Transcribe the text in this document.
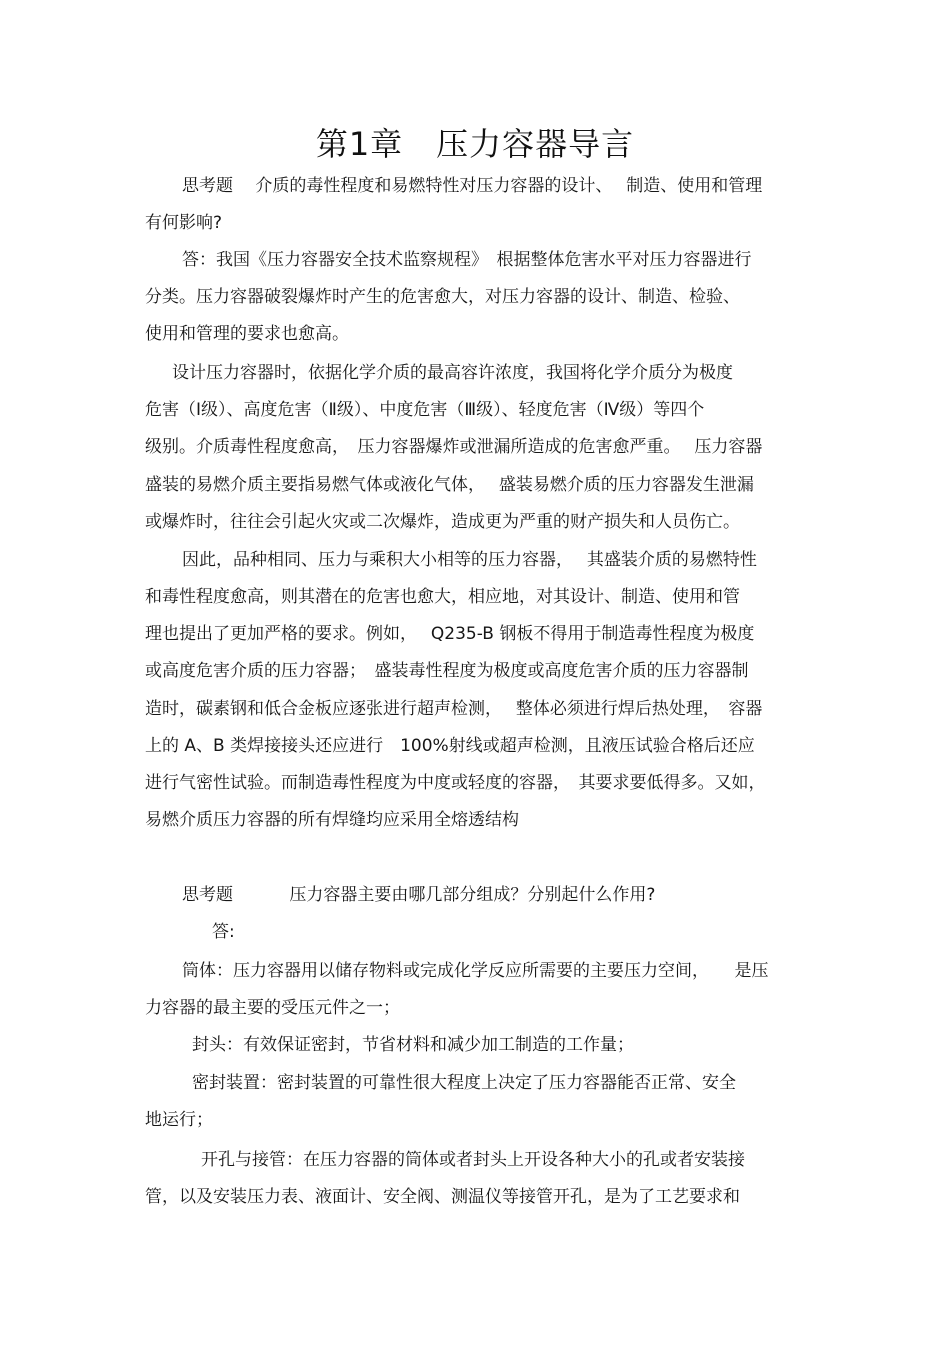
第1章　压力容器导言
思考题　 介质的毒性程度和易燃特性对压力容器的设计、　 制造、使用和管理
有何影响?
答：我国《压力容器安全技术监察规程》　根据整体危害水平对压力容器进行
分类。压力容器破裂爆炸时产生的危害愈大，对压力容器的设计、制造、检验、
使用和管理的要求也愈高。
设计压力容器时，依据化学介质的最高容许浓度，我国将化学介质分为极度
危害（Ⅰ级）、高度危害（Ⅱ级）、中度危害（Ⅲ级）、轻度危害（Ⅳ级）等四个
级别。介质毒性程度愈高，　压力容器爆炸或泄漏所造成的危害愈严重。　 压力容器
盛装的易燃介质主要指易燃气体或液化气体，　 盛装易燃介质的压力容器发生泄漏
或爆炸时，往往会引起火灾或二次爆炸，造成更为严重的财产损失和人员伤亡。
因此，品种相同、压力与乘积大小相等的压力容器，　 其盛装介质的易燃特性
和毒性程度愈高，则其潜在的危害也愈大，相应地，对其设计、制造、使用和管
理也提出了更加严格的要求。例如，　 Q235-B 钢板不得用于制造毒性程度为极度
或高度危害介质的压力容器；　盛装毒性程度为极度或高度危害介质的压力容器制
造时，碳素钢和低合金板应逐张进行超声检测，　 整体必须进行焊后热处理，　容器
上的 A、B 类焊接接头还应进行　100%射线或超声检测，且液压试验合格后还应
进行气密性试验。而制造毒性程度为中度或轻度的容器，　其要求要低得多。又如，
易燃介质压力容器的所有焊缝均应采用全熔透结构
思考题　　　 压力容器主要由哪几部分组成？分别起什么作用?
答:
筒体：压力容器用以储存物料或完成化学反应所需要的主要压力空间，　　是压
力容器的最主要的受压元件之一；
封头：有效保证密封，节省材料和减少加工制造的工作量；
密封装置：密封装置的可靠性很大程度上决定了压力容器能否正常、安全
地运行；
开孔与接管：在压力容器的筒体或者封头上开设各种大小的孔或者安装接
管，以及安装压力表、液面计、安全阀、测温仪等接管开孔，是为了工艺要求和
